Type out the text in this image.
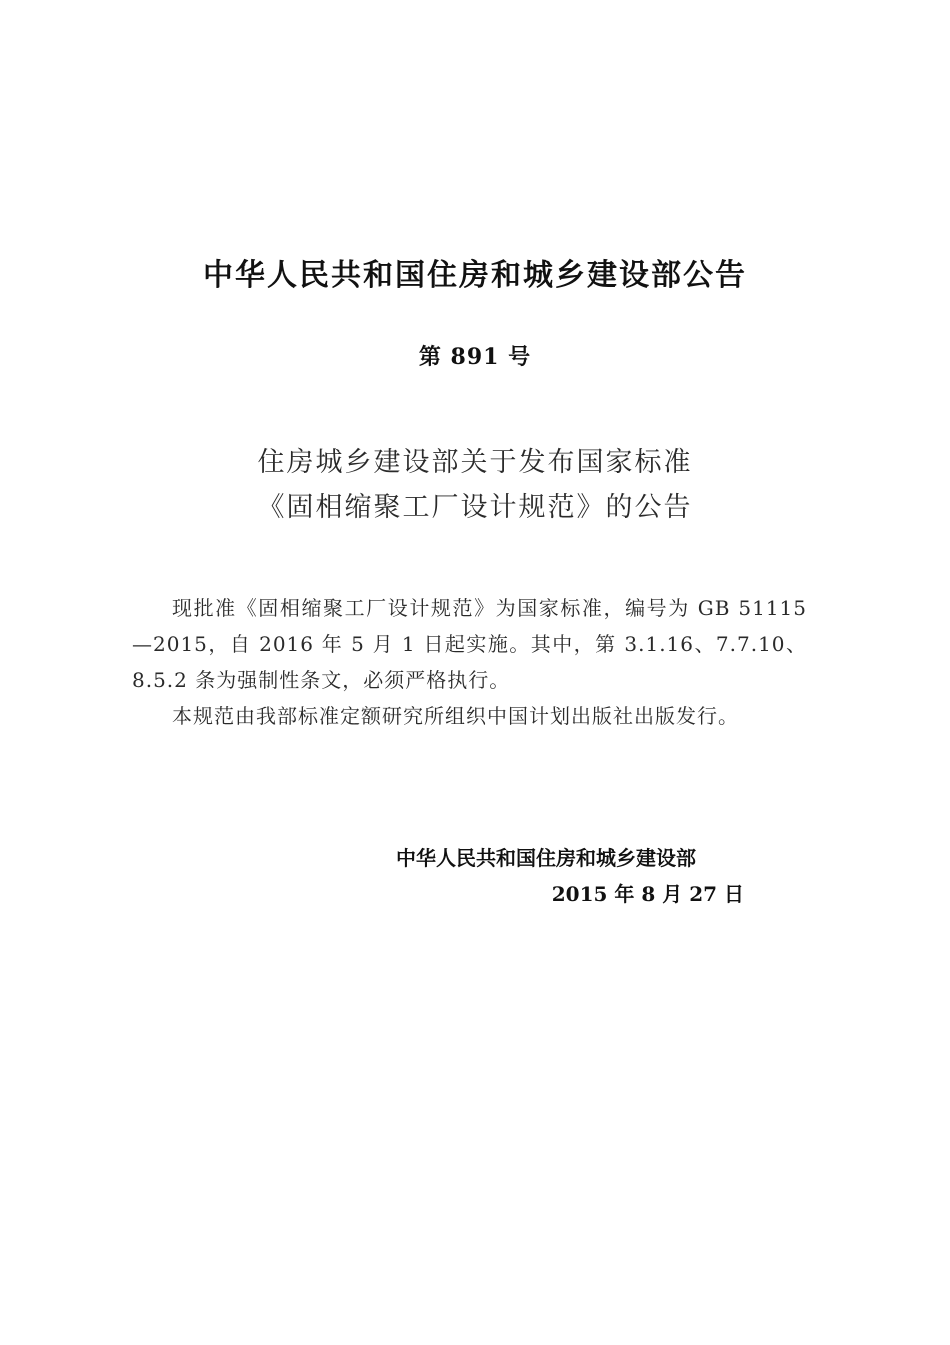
中华人民共和国住房和城乡建设部公告
第 891 号
住房城乡建设部关于发布国家标准
《固相缩聚工厂设计规范》的公告

现批准《固相缩聚工厂设计规范》为国家标准，编号为 GB 51115—2015，自 2016 年 5 月 1 日起实施。其中，第 3.1.16、7.7.10、8.5.2 条为强制性条文，必须严格执行。

本规范由我部标准定额研究所组织中国计划出版社出版发行。

中华人民共和国住房和城乡建设部
2015 年 8 月 27 日
